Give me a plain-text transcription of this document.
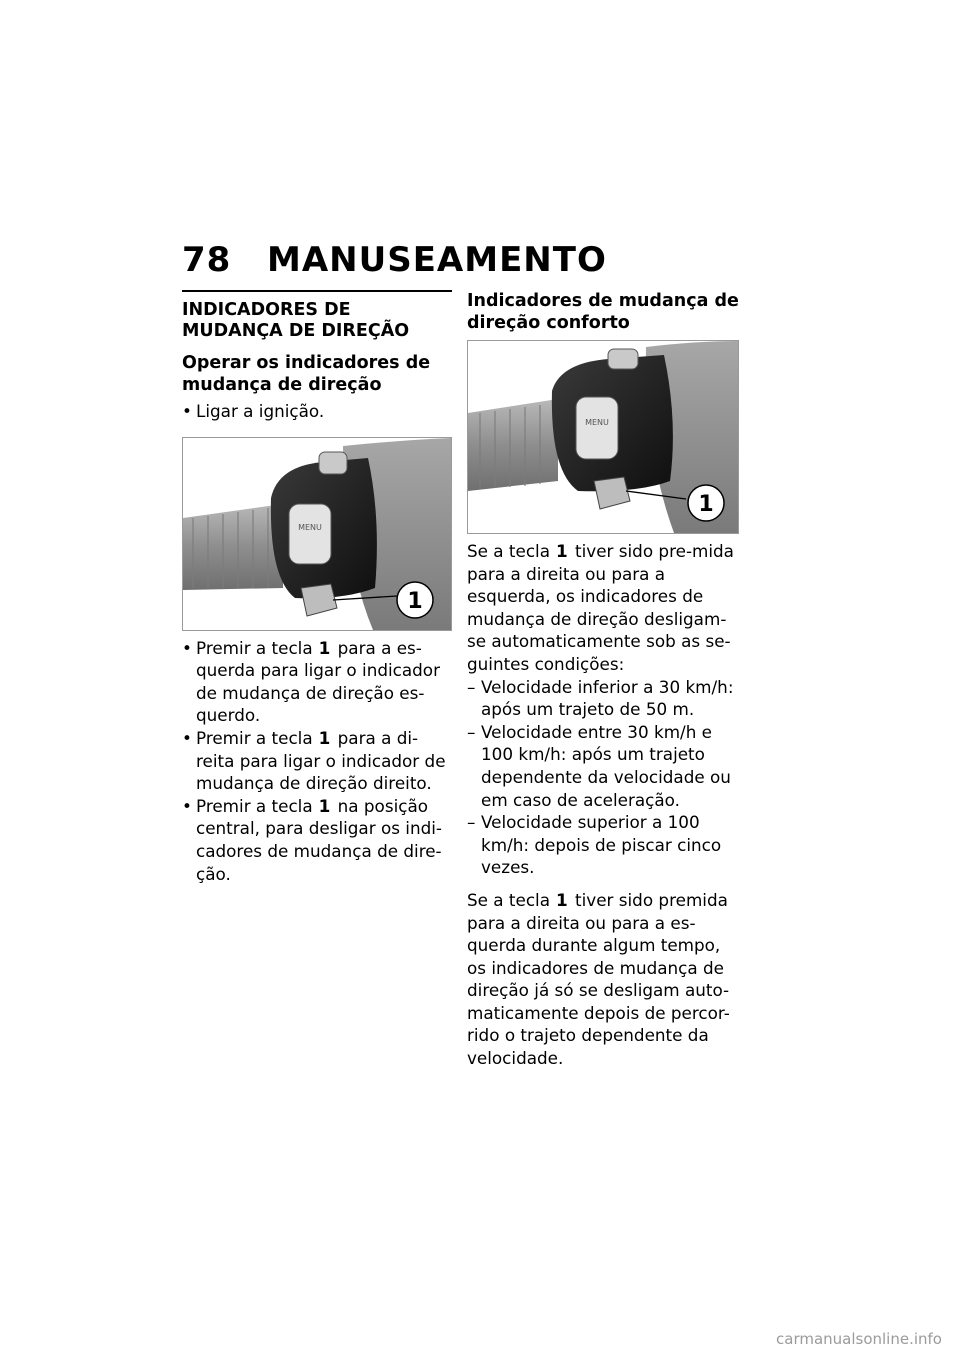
78 MANUSEAMENTO
INDICADORES DE MUDANÇA DE DIREÇÃO
Operar os indicadores de mudança de direção
• Ligar a ignição.
MENU
1
• Premir a tecla 1 para a es-querda para ligar o indicador de mudança de direção es-querdo.
• Premir a tecla 1 para a di-reita para ligar o indicador de mudança de direção direito.
• Premir a tecla 1 na posição central, para desligar os indi-cadores de mudança de dire-ção.
Indicadores de mudança de direção conforto
MENU
1

Se a tecla 1 tiver sido pre-mida para a direita ou para a esquerda, os indicadores de mudança de direção desligam-se automaticamente sob as se-guintes condições:

– Velocidade inferior a 30 km/h: após um trajeto de 50 m.
– Velocidade entre 30 km/h e 100 km/h: após um trajeto dependente da velocidade ou em caso de aceleração.
– Velocidade superior a 100 km/h: depois de piscar cinco vezes.

Se a tecla 1 tiver sido premida para a direita ou para a es-querda durante algum tempo, os indicadores de mudança de direção já só se desligam auto-maticamente depois de percor-rido o trajeto dependente da velocidade.

carmanualsonline.info
